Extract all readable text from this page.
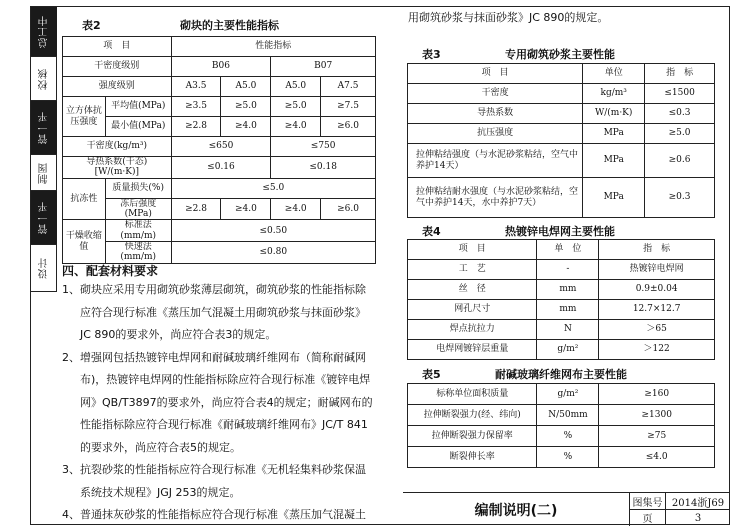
总工中
校核
管一平
制图
管一平
设计
表2	砌块的主要性能指标
项　目		性能指标			
干密度级别		B06		B07	
强度级别		A3.5	A5.0	A5.0	A7.5
立方体抗压强度	平均值(MPa)	≥3.5	≥5.0	≥5.0	≥7.5
	最小值(MPa)	≥2.8	≥4.0	≥4.0	≥6.0
干密度(kg/m³)		≤650		≤750	
导热系数(干态)[W/(m·K)]		≤0.16		≤0.18	
抗冻性	质量损失(%)	≤5.0			
	冻后强度(MPa)	≥2.8	≥4.0	≥4.0	≥6.0
干燥收缩值	标准法(mm/m)	≤0.50			
	快速法(mm/m)	≤0.80			
四、配套材料要求

1、砌块应采用专用砌筑砂浆薄层砌筑，砌筑砂浆的性能指标除

应符合现行标准《蒸压加气混凝土用砌筑砂浆与抹面砂浆》

JC 890的要求外，尚应符合表3的规定。

2、增强网包括热镀锌电焊网和耐碱玻璃纤维网布（简称耐碱网

布)，热镀锌电焊网的性能指标除应符合现行标准《镀锌电焊

网》QB/T3897的要求外，尚应符合表4的规定；耐碱网布的

性能指标除应符合现行标准《耐碱玻璃纤维网布》JC/T 841

的要求外，尚应符合表5的规定。

3、抗裂砂浆的性能指标应符合现行标准《无机轻集料砂浆保温

系统技术规程》JGJ 253的规定。

4、普通抹灰砂浆的性能指标应符合现行标准《蒸压加气混凝土

用砌筑砂浆与抹面砂浆》JC 890的规定。
表3	专用砌筑砂浆主要性能
项　目	单位	指　标
干密度	kg/m³	≤1500
导热系数	W/(m·K)	≤0.3
抗压强度	MPa	≥5.0
拉伸粘结强度（与水泥砂浆粘结，空气中养护14天）	MPa	≥0.6
拉伸粘结耐水强度（与水泥砂浆粘结，空气中养护14天，水中养护7天）	MPa	≥0.3
表4	热镀锌电焊网主要性能
项　目	单　位	指　标
工　艺	-	热镀锌电焊网
丝　径	mm	0.9±0.04
网孔尺寸	mm	12.7×12.7
焊点抗拉力	N	＞65
电焊网镀锌层重量	g/m²	＞122
表5	耐碱玻璃纤维网布主要性能
标称单位面积质量	g/m²	≥160
拉伸断裂强力(经、纬向)	N/50mm	≥1300
拉伸断裂强力保留率	%	≥75
断裂伸长率	%	≤4.0
编制说明(二)	图集号 2014浙J69
页	3
